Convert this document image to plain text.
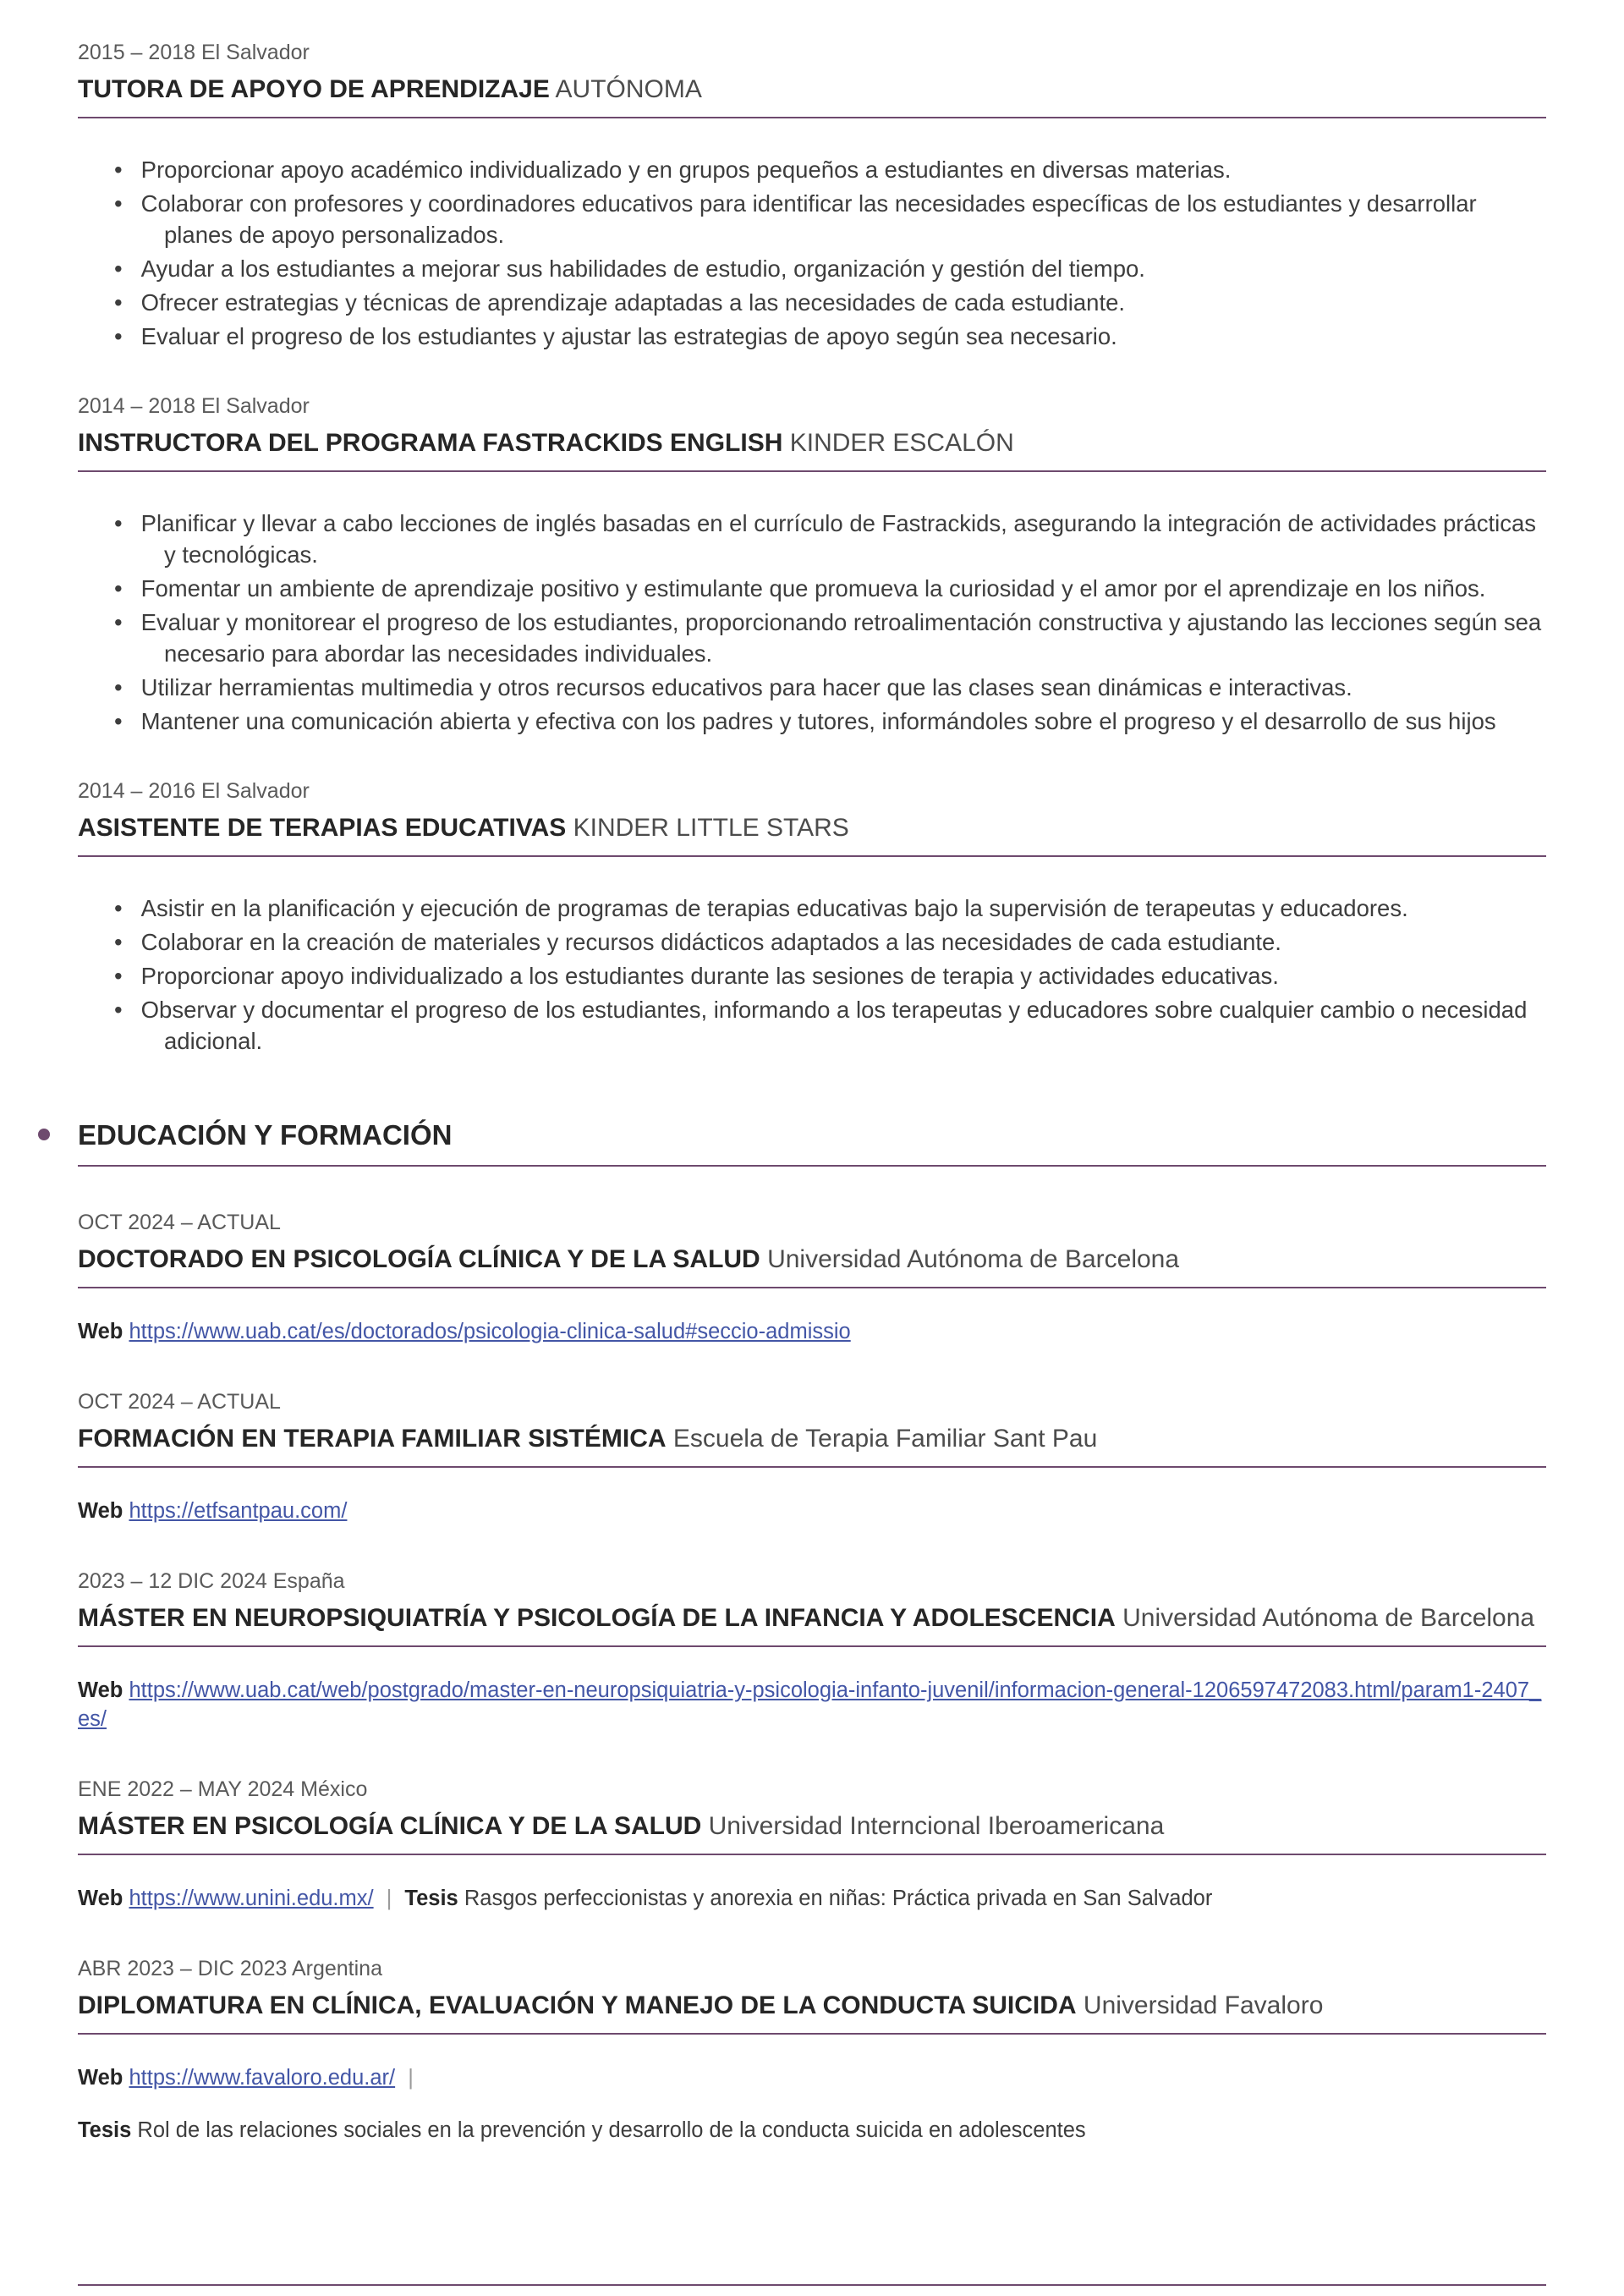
2015 – 2018 El Salvador
TUTORA DE APOYO DE APRENDIZAJE AUTÓNOMA
• Proporcionar apoyo académico individualizado y en grupos pequeños a estudiantes en diversas materias.
• Colaborar con profesores y coordinadores educativos para identificar las necesidades específicas de los estudiantes y desarrollar planes de apoyo personalizados.
• Ayudar a los estudiantes a mejorar sus habilidades de estudio, organización y gestión del tiempo.
• Ofrecer estrategias y técnicas de aprendizaje adaptadas a las necesidades de cada estudiante.
• Evaluar el progreso de los estudiantes y ajustar las estrategias de apoyo según sea necesario.
2014 – 2018 El Salvador
INSTRUCTORA DEL PROGRAMA FASTRACKIDS ENGLISH KINDER ESCALÓN
• Planificar y llevar a cabo lecciones de inglés basadas en el currículo de Fastrackids, asegurando la integración de actividades prácticas y tecnológicas.
• Fomentar un ambiente de aprendizaje positivo y estimulante que promueva la curiosidad y el amor por el aprendizaje en los niños.
• Evaluar y monitorear el progreso de los estudiantes, proporcionando retroalimentación constructiva y ajustando las lecciones según sea necesario para abordar las necesidades individuales.
• Utilizar herramientas multimedia y otros recursos educativos para hacer que las clases sean dinámicas e interactivas.
• Mantener una comunicación abierta y efectiva con los padres y tutores, informándoles sobre el progreso y el desarrollo de sus hijos
2014 – 2016 El Salvador
ASISTENTE DE TERAPIAS EDUCATIVAS KINDER LITTLE STARS
• Asistir en la planificación y ejecución de programas de terapias educativas bajo la supervisión de terapeutas y educadores.
• Colaborar en la creación de materiales y recursos didácticos adaptados a las necesidades de cada estudiante.
• Proporcionar apoyo individualizado a los estudiantes durante las sesiones de terapia y actividades educativas.
• Observar y documentar el progreso de los estudiantes, informando a los terapeutas y educadores sobre cualquier cambio o necesidad adicional.
EDUCACIÓN Y FORMACIÓN
OCT 2024 – ACTUAL
DOCTORADO EN PSICOLOGÍA CLÍNICA Y DE LA SALUD Universidad Autónoma de Barcelona
Web https://www.uab.cat/es/doctorados/psicologia-clinica-salud#seccio-admissio
OCT 2024 – ACTUAL
FORMACIÓN EN TERAPIA FAMILIAR SISTÉMICA Escuela de Terapia Familiar Sant Pau
Web https://etfsantpau.com/
2023 – 12 DIC 2024 España
MÁSTER EN NEUROPSIQUIATRÍA Y PSICOLOGÍA DE LA INFANCIA Y ADOLESCENCIA Universidad Autónoma de Barcelona
Web https://www.uab.cat/web/postgrado/master-en-neuropsiquiatria-y-psicologia-infanto-juvenil/informacion-general-1206597472083.html/param1-2407_es/
ENE 2022 – MAY 2024 México
MÁSTER EN PSICOLOGÍA CLÍNICA Y DE LA SALUD Universidad Interncional Iberoamericana
Web https://www.unini.edu.mx/ | Tesis Rasgos perfeccionistas y anorexia en niñas: Práctica privada en San Salvador
ABR 2023 – DIC 2023 Argentina
DIPLOMATURA EN CLÍNICA, EVALUACIÓN Y MANEJO DE LA CONDUCTA SUICIDA Universidad Favaloro
Web https://www.favaloro.edu.ar/ |
Tesis Rol de las relaciones sociales en la prevención y desarrollo de la conducta suicida en adolescentes
